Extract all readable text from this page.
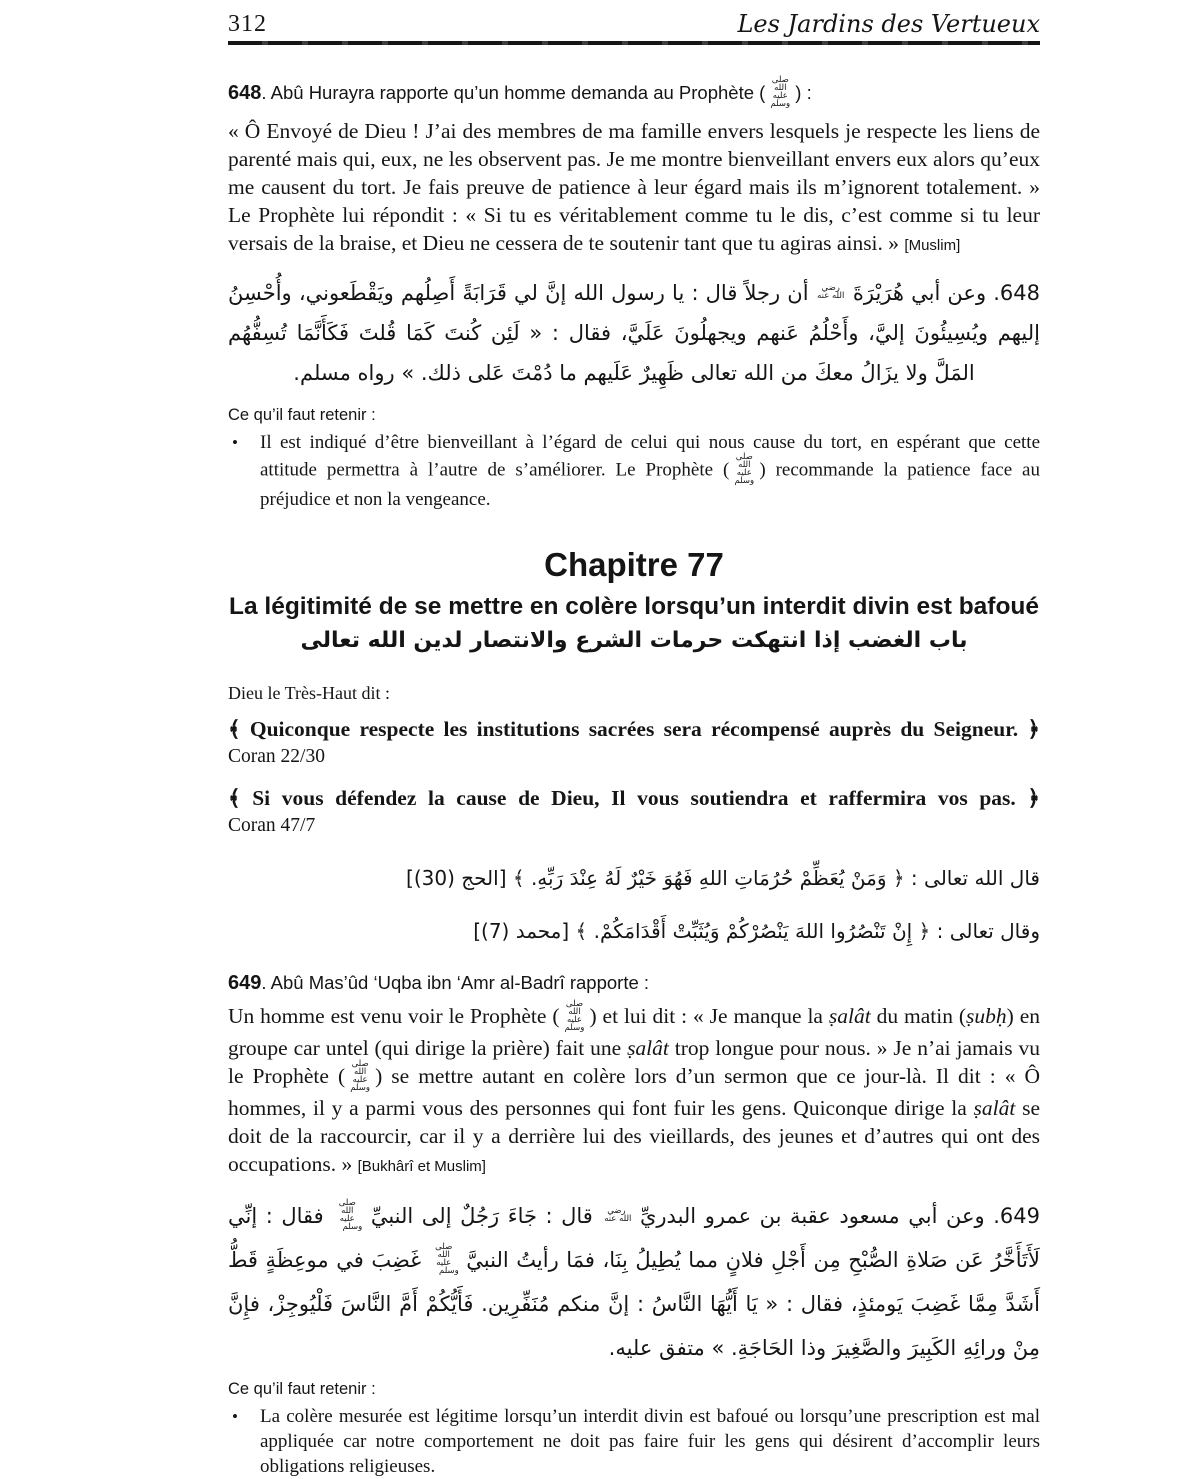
312	Les Jardins des Vertueux
648. Abû Hurayra rapporte qu’un homme demanda au Prophète (صلى الله عليه وسلم) :
« Ô Envoyé de Dieu ! J’ai des membres de ma famille envers lesquels je respecte les liens de parenté mais qui, eux, ne les observent pas. Je me montre bienveillant envers eux alors qu’eux me causent du tort. Je fais preuve de patience à leur égard mais ils m’ignorent totalement. » Le Prophète lui répondit : « Si tu es véritablement comme tu le dis, c’est comme si tu leur versais de la braise, et Dieu ne cessera de te soutenir tant que tu agiras ainsi. » [Muslim]
648. وعن أبي هُرَيْرَةَ رضي الله عنه أن رجلاً قال : يا رسول الله إنَّ لي قَرَابَةً أَصِلُهم ويَقْطَعوني، وأُحْسِنُ إليهم ويُسِيئُونَ إليَّ، وأَحْلُمُ عَنهم ويجهلُونَ عَلَيَّ، فقال : « لَئِن كُنتَ كَمَا قُلتَ فَكَأَنَّمَا تُسِفُّهُم المَلَّ ولا يزَالُ معكَ من الله تعالى ظَهِيرٌ عَلَيهم ما دُمْتَ عَلى ذلك. » رواه مسلم.
Ce qu’il faut retenir :
•	Il est indiqué d’être bienveillant à l’égard de celui qui nous cause du tort, en espérant que cette attitude permettra à l’autre de s’améliorer. Le Prophète (صلى الله عليه وسلم) recommande la patience face au préjudice et non la vengeance.
Chapitre 77
La légitimité de se mettre en colère lorsqu’un interdit divin est bafoué
باب الغضب إذا انتهكت حرمات الشرع والانتصار لدين الله تعالى
Dieu le Très-Haut dit :
﴾ Quiconque respecte les institutions sacrées sera récompensé auprès du Seigneur. ﴿
Coran 22/30
﴾ Si vous défendez la cause de Dieu, Il vous soutiendra et raffermira vos pas. ﴿
Coran 47/7
قال الله تعالى : ﴿ وَمَنْ يُعَظِّمْ حُرُمَاتِ اللهِ فَهُوَ خَيْرٌ لَهُ عِنْدَ رَبِّهِ. ﴾ [الحج (30)]
وقال تعالى : ﴿ إِنْ تَنْصُرُوا اللهَ يَنْصُرْكُمْ وَيُثَبِّتْ أَقْدَامَكُمْ. ﴾ [محمد (7)]
649. Abû Mas’ûd ‘Uqba ibn ‘Amr al-Badrî rapporte :
Un homme est venu voir le Prophète ( صلى الله عليه وسلم) et lui dit : « Je manque la ṣalât du matin (ṣubḥ) en groupe car untel (qui dirige la prière) fait une ṣalât trop longue pour nous. » Je n’ai jamais vu le Prophète ( صلى الله عليه وسلم) se mettre autant en colère lors d’un sermon que ce jour-là. Il dit : « Ô hommes, il y a parmi vous des personnes qui font fuir les gens. Quiconque dirige la ṣalât se doit de la raccourcir, car il y a derrière lui des vieillards, des jeunes et d’autres qui ont des occupations. » [Bukhârî et Muslim]
649. وعن أبي مسعود عقبة بن عمرو البدريِّ رضي الله عنه قال : جَاءَ رَجُلٌ إلى النبيِّ صلى الله عليه وسلم فقال : إنِّي لَأَتَأَخَّرُ عَن صَلاةِ الصُّبْحِ مِن أَجْلِ فلانٍ مما يُطِيلُ بِنَا، فمَا رأيتُ النبيَّ صلى الله عليه وسلم غَضِبَ في موعِظَةٍ قَطُّ أَشَدَّ مِمَّا غَضِبَ يَومئذٍ، فقال : « يَا أَيُّهَا النَّاسُ : إنَّ منكم مُنَفِّرِين. فَأَيُّكُمْ أَمَّ النَّاسَ فَلْيُوجِزْ، فإِنَّ مِنْ ورائِهِ الكَبِيرَ والصَّغِيرَ وذا الحَاجَةِ. » متفق عليه.
Ce qu’il faut retenir :
•	La colère mesurée est légitime lorsqu’un interdit divin est bafoué ou lorsqu’une prescription est mal appliquée car notre comportement ne doit pas faire fuir les gens qui désirent d’accomplir leurs obligations religieuses.
